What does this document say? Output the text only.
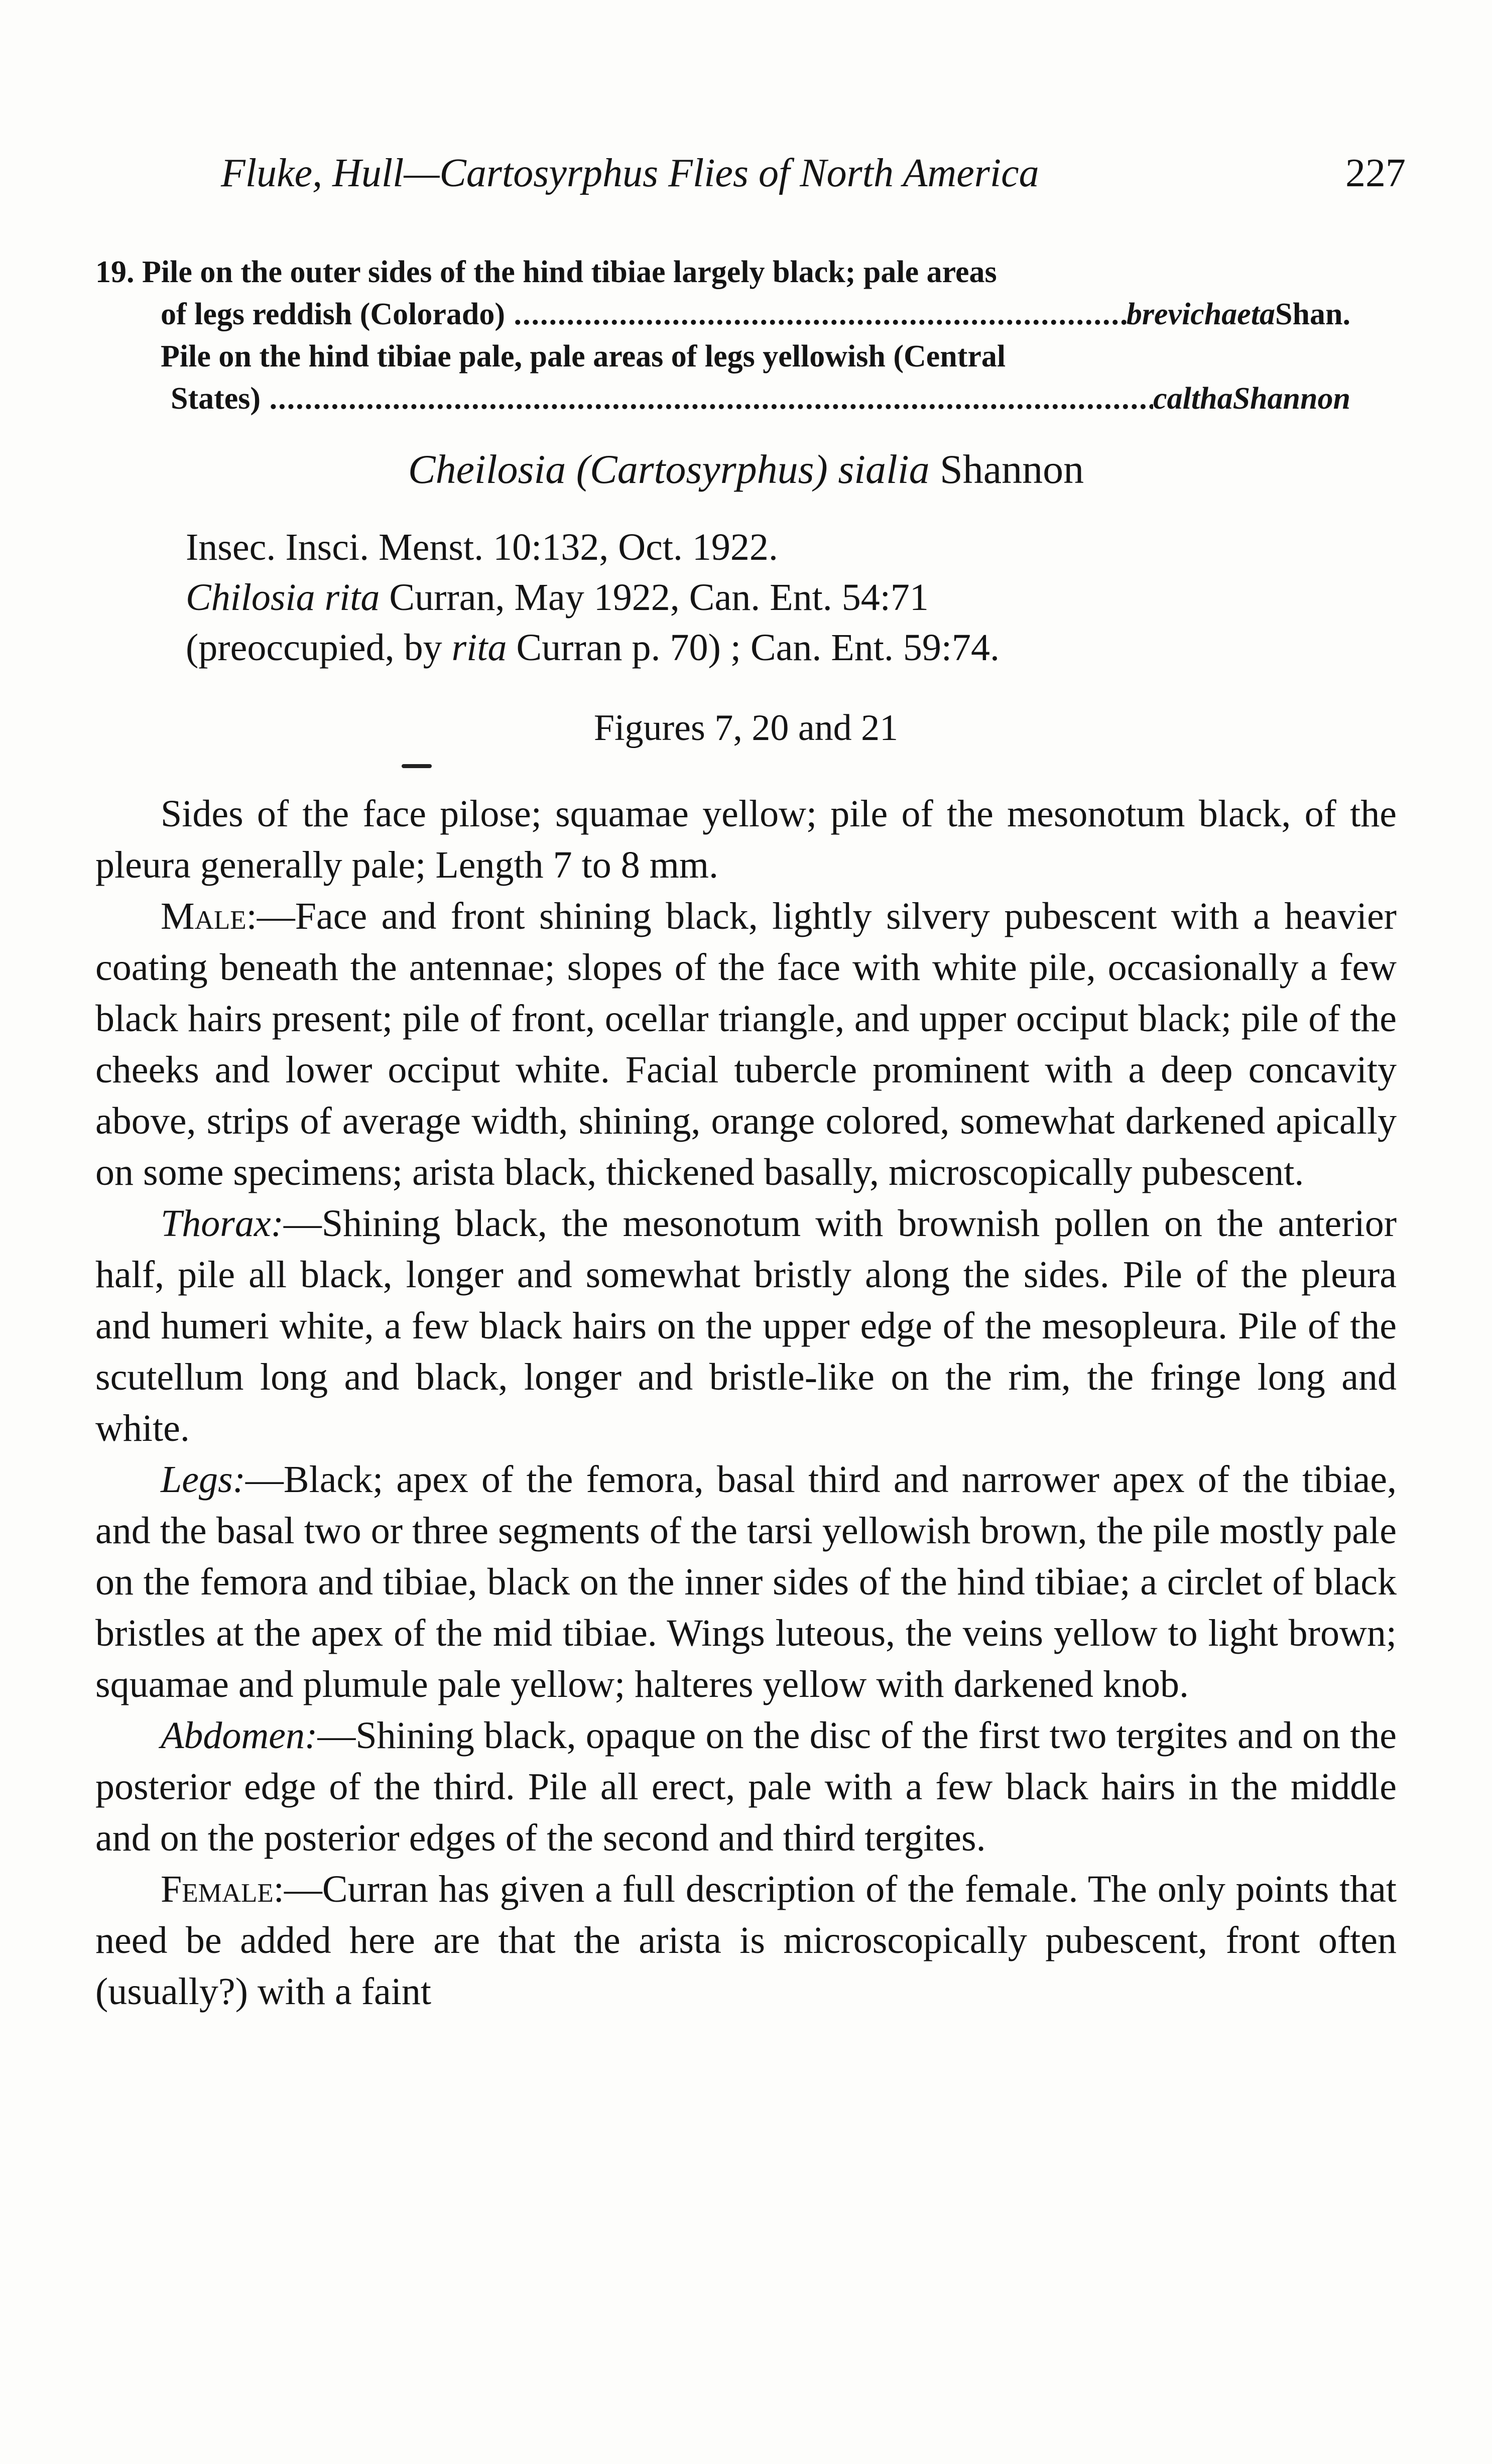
Fluke, Hull—Cartosyrphus Flies of North America	227
19. Pile on the outer sides of the hind tibiae largely black; pale areas
of legs reddish (Colorado) .....	brevichaeta Shan.
Pile on the hind tibiae pale, pale areas of legs yellowish (Central
States) .....	caltha Shannon
Cheilosia (Cartosyrphus) sialia Shannon
Insec. Insci. Menst. 10:132, Oct. 1922.
Chilosia rita Curran, May 1922, Can. Ent. 54:71
(preoccupied, by rita Curran p. 70) ; Can. Ent. 59:74.
Figures 7, 20 and 21

Sides of the face pilose; squamae yellow; pile of the mesonotum black, of the pleura generally pale; Length 7 to 8 mm.

Male:—Face and front shining black, lightly silvery pubescent with a heavier coating beneath the antennae; slopes of the face with white pile, occasionally a few black hairs present; pile of front, ocellar triangle, and upper occiput black; pile of the cheeks and lower occiput white. Facial tubercle prominent with a deep concavity above, strips of average width, shining, orange colored, somewhat darkened apically on some specimens; arista black, thickened basally, microscopically pubescent.

Thorax:—Shining black, the mesonotum with brownish pollen on the anterior half, pile all black, longer and somewhat bristly along the sides. Pile of the pleura and humeri white, a few black hairs on the upper edge of the mesopleura. Pile of the scutellum long and black, longer and bristle-like on the rim, the fringe long and white.

Legs:—Black; apex of the femora, basal third and narrower apex of the tibiae, and the basal two or three segments of the tarsi yellowish brown, the pile mostly pale on the femora and tibiae, black on the inner sides of the hind tibiae; a circlet of black bristles at the apex of the mid tibiae. Wings luteous, the veins yellow to light brown; squamae and plumule pale yellow; halteres yellow with darkened knob.

Abdomen:—Shining black, opaque on the disc of the first two tergites and on the posterior edge of the third. Pile all erect, pale with a few black hairs in the middle and on the posterior edges of the second and third tergites.

Female:—Curran has given a full description of the female. The only points that need be added here are that the arista is microscopically pubescent, front often (usually?) with a faint
